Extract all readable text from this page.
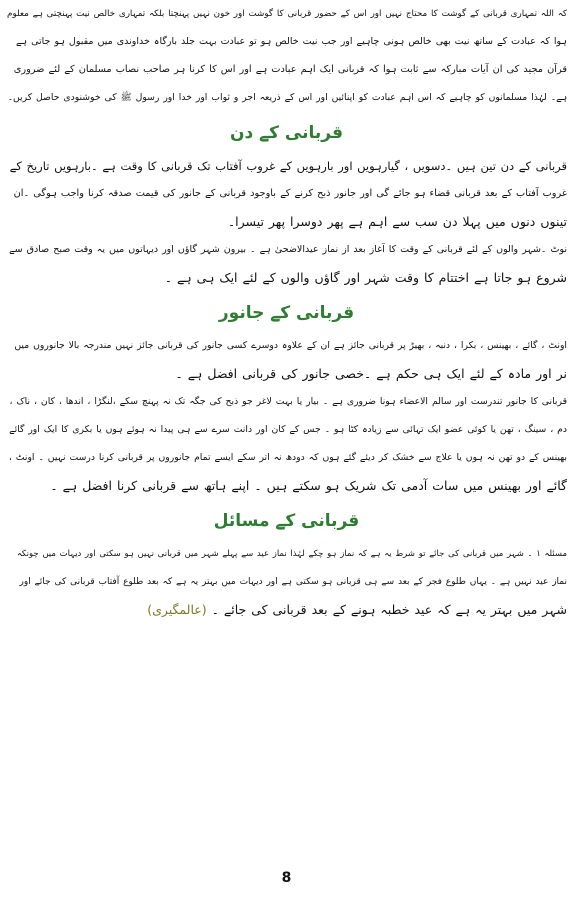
کہ اللہ تمہاری قربانی کے گوشت کا محتاج نہیں اور اس کے حضور قربانی کا گوشت اور خون نہیں پہنچتا بلکہ تمہاری خالص نیت پہنچتی ہے معلوم
ہوا کہ عبادت کے ساتھ نیت بھی خالص ہونی چاہیے اور جب نیت خالص ہو تو عبادت بہت جلد بارگاہ خداوندی میں مقبول ہو جاتی ہے
قرآن مجید کی ان آیات مبارکہ سے ثابت ہوا کہ قربانی ایک اہم عبادت ہے اور اس کا کرنا ہر صاحب نصاب مسلمان کے لئے ضروری
ہے۔ لہٰذا مسلمانوں کو چاہیے کہ اس اہم عبادت کو اپنائیں اور اس کے ذریعہ اجر و ثواب اور خدا اور رسول ﷺ کی خوشنودی حاصل کریں۔
قربانی کے دن
قربانی کے دن تین ہیں ۔دسویں ، گیارہویں اور بارہویں کے غروب آفتاب تک قربانی کا وقت ہے ۔بارہویں تاریخ کے
غروب آفتاب کے بعد قربانی قضاء ہو جائے گی اور جانور ذبح کرنے کے باوجود قربانی کے جانور کی قیمت صدقہ کرنا واجب ہوگی ۔ان
تینوں دنوں میں پہلا دن سب سے اہم ہے پھر دوسرا پھر تیسرا۔
نوٹ ۔شہر والوں کے لئے قربانی کے وقت کا آغاز بعد از نماز عیدالاضحیٰ ہے ۔ بیرون شہر گاؤں اور دیہاتوں میں یہ وقت صبح صادق سے
شروع ہو جاتا ہے اختتام کا وقت شہر اور گاؤں والوں کے لئے ایک ہی ہے ۔
قربانی کے جانور
اونٹ ، گائے ، بھینس ، بکرا ، دنبہ ، بھیڑ پر قربانی جائز ہے ان کے علاوہ دوسرے کسی جانور کی قربانی جائز نہیں مندرجہ بالا جانوروں میں
نر اور مادہ کے لئے ایک ہی حکم ہے ۔خصی جانور کی قربانی افضل ہے ۔
قربانی کا جانور تندرست اور سالم الاعضاء ہونا ضروری ہے ۔ بیار یا بہت لاغر جو ذبح کی جگہ تک نہ پہنچ سکے ،لنگڑا ، اندھا ، کان ، ناک ،
دم ، سینگ ، تھن یا کوئی عضو ایک تہائی سے زیادہ کٹا ہو ۔ جس کے کان اور دانت سرے سے ہی پیدا نہ ہوئے ہوں یا بکری کا ایک اور گائے
بھینس کے دو تھن نہ ہوں یا علاج سے خشک کر دیئے گئے ہوں کہ دودھ نہ اتر سکے ایسے تمام جانوروں پر قربانی کرنا درست نہیں ۔ اونٹ ،
گائے اور بھینس میں سات آدمی تک شریک ہو سکتے ہیں ۔ اپنے ہاتھ سے قربانی کرنا افضل ہے ۔
قربانی کے مسائل
مسئلہ ۱ ۔ شہر میں قربانی کی جائے تو شرط یہ ہے کہ نماز ہو چکے لہٰذا نماز عید سے پہلے شہر میں قربانی نہیں ہو سکتی اور دیہات میں چونکہ
نماز عید نہیں ہے ۔ یہاں طلوع فجر کے بعد سے ہی قربانی ہو سکتی ہے اور دیہات میں بہتر یہ ہے کہ بعد طلوع آفتاب قربانی کی جائے اور
شہر میں بہتر یہ ہے کہ عید خطبہ ہونے کے بعد قربانی کی جائے ۔ (عالمگیری)
8
